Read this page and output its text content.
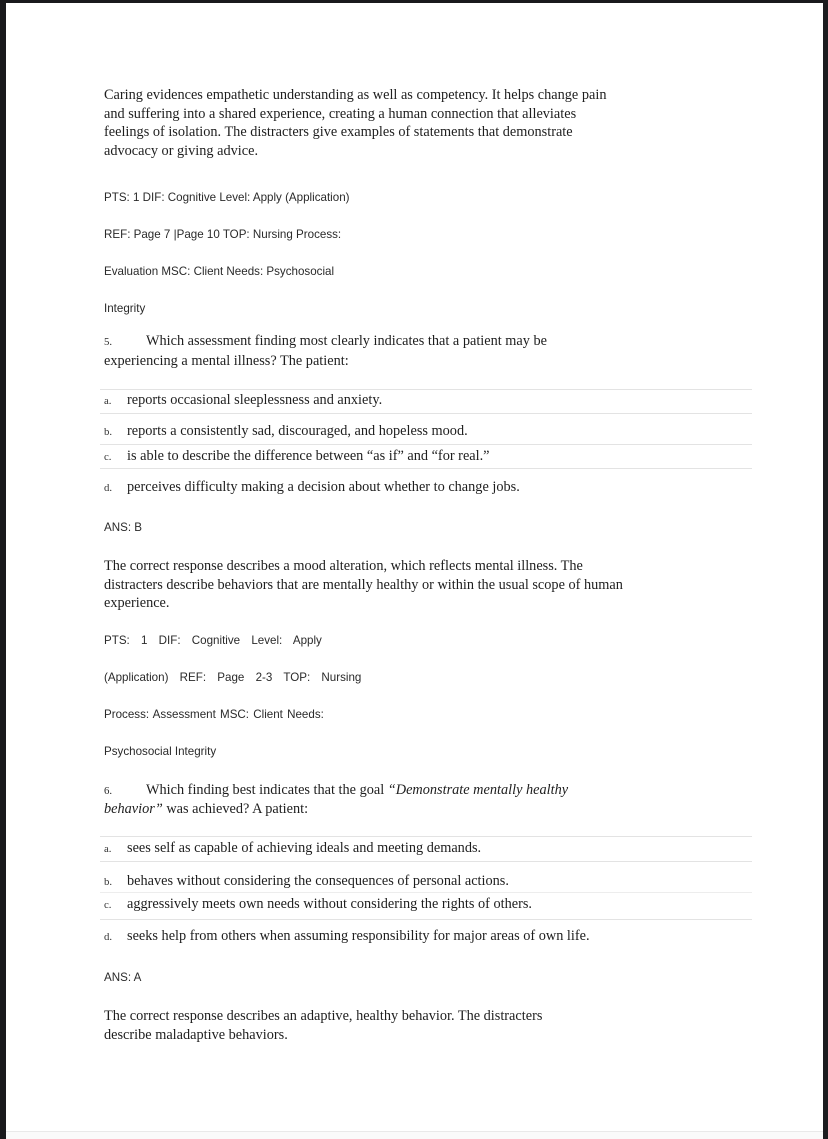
Caring evidences empathetic understanding as well as competency. It helps change pain
and suffering into a shared experience, creating a human connection that alleviates
feelings of isolation. The distracters give examples of statements that demonstrate
advocacy or giving advice.
PTS: 1 DIF: Cognitive Level: Apply (Application)
REF: Page 7 |Page 10 TOP: Nursing Process:
Evaluation MSC: Client Needs: Psychosocial
Integrity
5. Which assessment finding most clearly indicates that a patient may be
experiencing a mental illness? The patient:
a. reports occasional sleeplessness and anxiety.
b. reports a consistently sad, discouraged, and hopeless mood.
c. is able to describe the difference between “as if” and “for real.”
d. perceives difficulty making a decision about whether to change jobs.
ANS: B
The correct response describes a mood alteration, which reflects mental illness. The
distracters describe behaviors that are mentally healthy or within the usual scope of human
experience.
PTS: 1 DIF: Cognitive Level: Apply
(Application) REF: Page 2-3 TOP: Nursing
Process: Assessment MSC: Client Needs:
Psychosocial Integrity
6. Which finding best indicates that the goal “Demonstrate mentally healthy
behavior” was achieved? A patient:
a. sees self as capable of achieving ideals and meeting demands.
b. behaves without considering the consequences of personal actions.
c. aggressively meets own needs without considering the rights of others.
d. seeks help from others when assuming responsibility for major areas of own life.
ANS: A
The correct response describes an adaptive, healthy behavior. The distracters
describe maladaptive behaviors.
